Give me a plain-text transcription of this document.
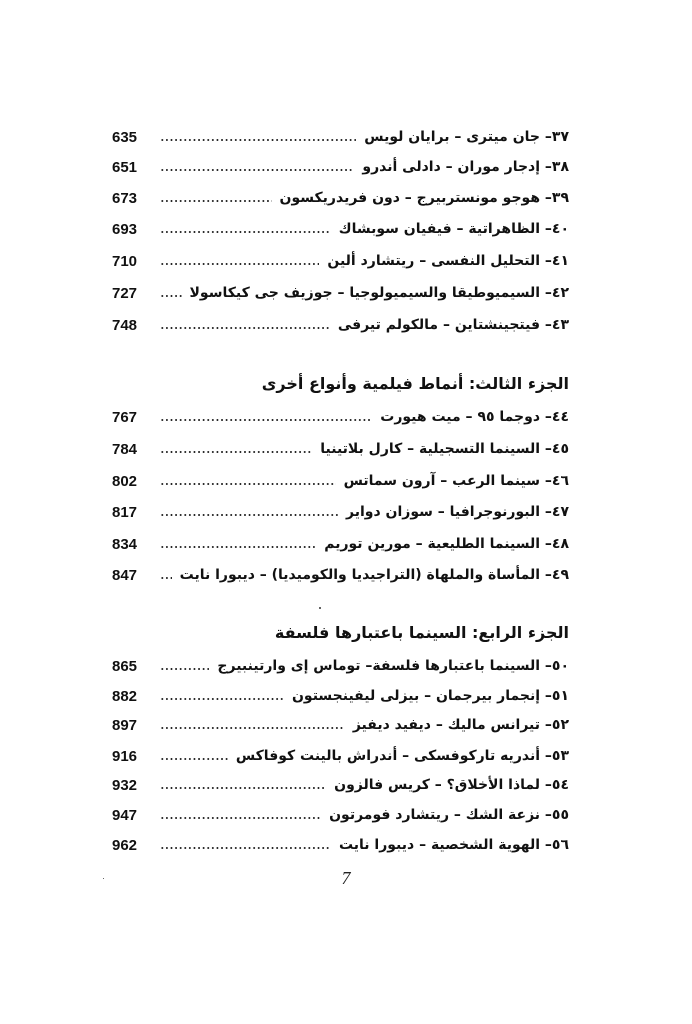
635	٣٧– جان ميترى – برايان لويس
651	٣٨– إدجار موران – دادلى أندرو
673	٣٩– هوجو مونستربيرج – دون فريدريكسون
693	٤٠– الظاهراتية – فيفيان سوبشاك
710	٤١– التحليل النفسى – ريتشارد ألين
727	٤٢– السيميوطيقا والسيميولوجيا – جوزيف جى كيكاسولا
748	٤٣– فيتجينشتاين – مالكولم تيرفى
الجزء الثالث: أنماط فيلمية وأنواع أخرى
767	٤٤– دوجما ٩٥ – ميت هيورت
784	٤٥– السينما التسجيلية – كارل بلاتينيا
802	٤٦– سينما الرعب – آرون سماتس
817	٤٧– البورنوجرافيا – سوزان دواير
834	٤٨– السينما الطليعية – مورين توريم
847	٤٩– المأساة والملهاة (التراجيديا والكوميديا) – ديبورا نايت
الجزء الرابع: السينما باعتبارها فلسفة
865	٥٠– السينما باعتبارها فلسفة– توماس إى وارتينبيرج
882	٥١– إنجمار بيرجمان – بيزلى ليفينجستون
897	٥٢– تيرانس ماليك – ديفيد ديفيز
916	٥٣– أندريه تاركوفسكى – أندراش بالينت كوفاكس
932	٥٤– لماذا الأخلاق؟ – كريس فالزون
947	٥٥– نزعة الشك – ريتشارد فومرتون
962	٥٦– الهوية الشخصية – ديبورا نايت
7
